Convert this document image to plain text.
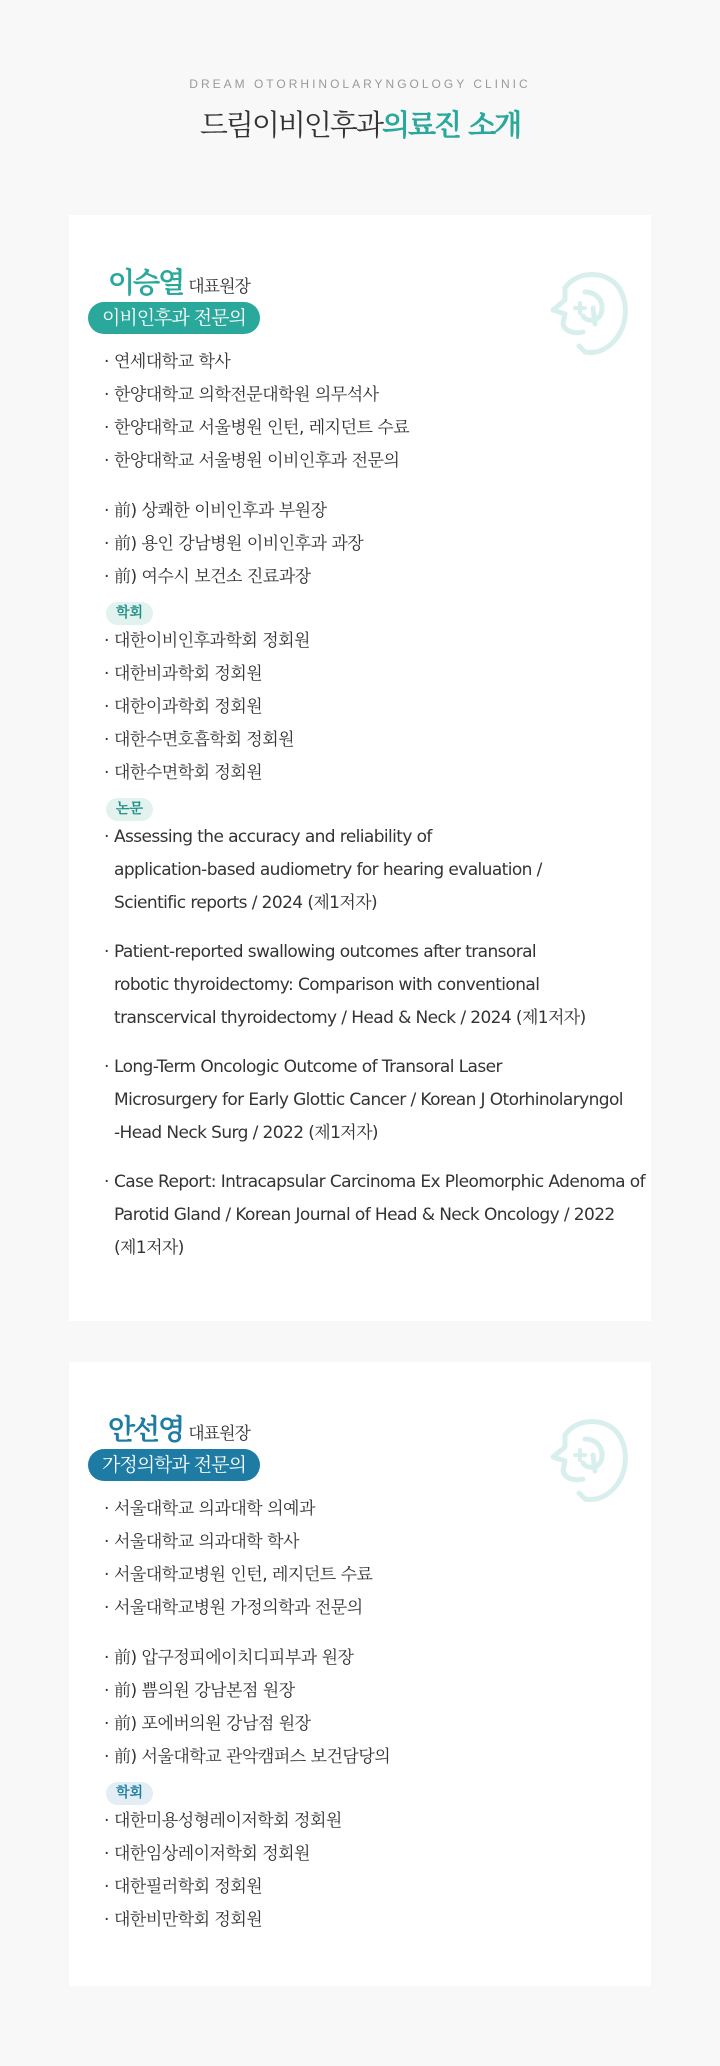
DREAM OTORHINOLARYNGOLOGY CLINIC
드림이비인후과의료진 소개
이승열 대표원장
이비인후과 전문의
· 연세대학교 학사
· 한양대학교 의학전문대학원 의무석사
· 한양대학교 서울병원 인턴, 레지던트 수료
· 한양대학교 서울병원 이비인후과 전문의
· 前) 상쾌한 이비인후과 부원장
· 前) 용인 강남병원 이비인후과 과장
· 前) 여수시 보건소 진료과장
학회
· 대한이비인후과학회 정회원
· 대한비과학회 정회원
· 대한이과학회 정회원
· 대한수면호흡학회 정회원
· 대한수면학회 정회원
논문
· Assessing the accuracy and reliability of
application-based audiometry for hearing evaluation /
Scientific reports / 2024 (제1저자)
· Patient-reported swallowing outcomes after transoral
robotic thyroidectomy: Comparison with conventional
transcervical thyroidectomy / Head & Neck / 2024 (제1저자)
· Long-Term Oncologic Outcome of Transoral Laser
Microsurgery for Early Glottic Cancer / Korean J Otorhinolaryngol
-Head Neck Surg / 2022 (제1저자)
· Case Report: Intracapsular Carcinoma Ex Pleomorphic Adenoma of
Parotid Gland / Korean Journal of Head & Neck Oncology / 2022
(제1저자)
안선영 대표원장
가정의학과 전문의
· 서울대학교 의과대학 의예과
· 서울대학교 의과대학 학사
· 서울대학교병원 인턴, 레지던트 수료
· 서울대학교병원 가정의학과 전문의
· 前) 압구정피에이치디피부과 원장
· 前) 쁨의원 강남본점 원장
· 前) 포에버의원 강남점 원장
· 前) 서울대학교 관악캠퍼스 보건담당의
학회
· 대한미용성형레이저학회 정회원
· 대한임상레이저학회 정회원
· 대한필러학회 정회원
· 대한비만학회 정회원
